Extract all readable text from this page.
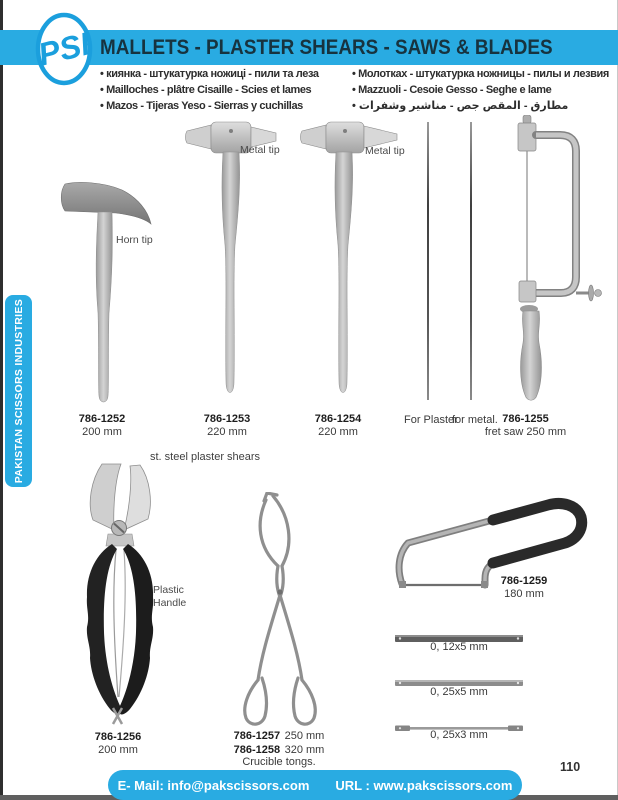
MALLETS - PLASTER SHEARS - SAWS & BLADES
PSI
• киянка - штукатурка ножиці - пили та леза
• Mailloches - plâtre Cisaille - Scies et lames
• Mazos - Tijeras Yeso - Sierras y cuchillas
• Молотках - штукатурка ножницы - пилы и лезвия
• Mazzuoli - Cesoie Gesso - Seghe e lame
• مطارق - المقص جص - مناشير وشفرات
Horn tip
786-1252
200 mm
Metal tip
786-1253
220 mm
Metal tip
786-1254
220 mm
For Plaster
for metal. 786-1255
fret saw 250 mm
st. steel plaster shears
Plastic
Handle
786-1256
200 mm
786-1257 250 mm
786-1258 320 mm
Crucible tongs.
786-1259
180 mm
0, 12x5 mm
0, 25x5 mm
0, 25x3 mm
PAKISTAN SCISSORS INDUSTRIES
E- Mail: info@pakscissors.com URL : www.pakscissors.com
110
